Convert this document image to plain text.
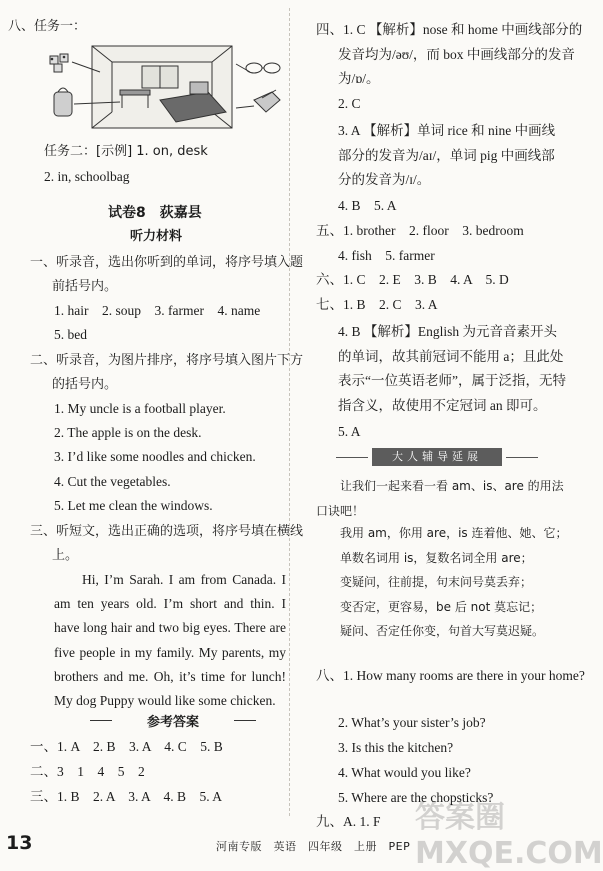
八、任务一：
任务二：[示例] 1. on, desk
2. in, schoolbag
试卷8　荻嘉县
听力材料
一、听录音，选出你听到的单词，将序号填入题前括号内。
1. hair　2. soup　3. farmer　4. name
5. bed
二、听录音，为图片排序，将序号填入图片下方的括号内。
1. My uncle is a football player.
2. The apple is on the desk.
3. I’d like some noodles and chicken.
4. Cut the vegetables.
5. Let me clean the windows.
三、听短文，选出正确的选项，将序号填在横线上。
Hi, I’m Sarah. I am from Canada. I am ten years old. I’m short and thin. I have long hair and two big eyes. There are five people in my family. My parents, my brothers and me. Oh, it’s time for lunch! My dog Puppy would like some chicken.
参考答案
一、1. A　2. B　3. A　4. C　5. B
二、3　1　4　5　2
三、1. B　2. A　3. A　4. B　5. A
四、1. C 【解析】nose 和 home 中画线部分的发音均为/əʊ/，而 box 中画线部分的发音为/ɒ/。
2. C
3. A 【解析】单词 rice 和 nine 中画线部分的发音为/aɪ/，单词 pig 中画线部分的发音为/ɪ/。
4. B　5. A
五、1. brother　2. floor　3. bedroom
4. fish　5. farmer
六、1. C　2. E　3. B　4. A　5. D
七、1. B　2. C　3. A
4. B 【解析】English 为元音音素开头的单词，故其前冠词不能用 a；且此处表示“一位英语老师”，属于泛指，无特指含义，故使用不定冠词 an 即可。
5. A
大人辅导延展
让我们一起来看一看 am、is、are 的用法口诀吧！
我用 am，你用 are，is 连着他、她、它；
单数名词用 is，复数名词全用 are；
变疑问，往前提，句末问号莫丢弃；
变否定，更容易，be 后 not 莫忘记；
疑问、否定任你变，句首大写莫迟疑。
八、1. How many rooms are there in your home?
2. What’s your sister’s job?
3. Is this the kitchen?
4. What would you like?
5. Where are the chopsticks?
九、A. 1. F 答案圈 MXQE.COM
13	河南专版　英语　四年级　上册　PEP
